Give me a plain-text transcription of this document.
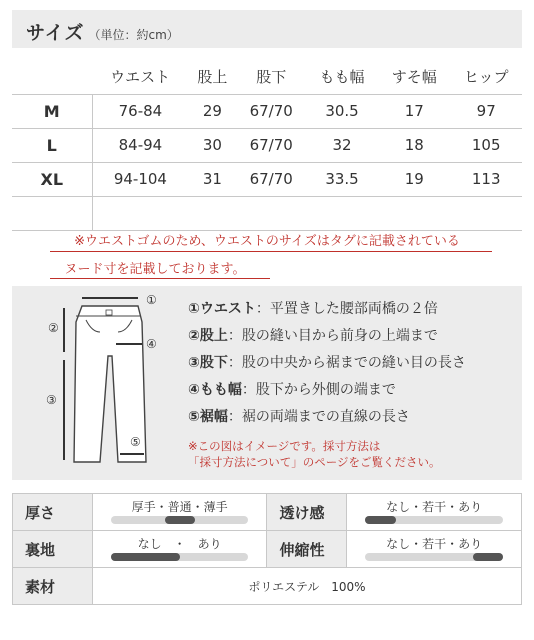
サイズ （単位：約cm）
	ウエスト	股上	股下	もも幅	すそ幅	ヒップ
M	76-84	29	67/70	30.5	17	97
L	84-94	30	67/70	32	18	105
XL	94-104	31	67/70	33.5	19	113

※ウエストゴムのため、ウエストのサイズはタグに記載されている
ヌード寸を記載しております。
①
②
③
④
⑤
①ウエスト：平置きした腰部両橋の２倍
②股上：股の縫い目から前身の上端まで
③股下：股の中央から裾までの縫い目の長さ
④もも幅：股下から外側の端まで
⑤裾幅：裾の両端までの直線の長さ
※この図はイメージです。採寸方法は
「採寸方法について」のページをご覧ください。
厚さ	厚手・普通・薄手	透け感	なし・若干・あり

裏地	なし　・　あり	伸縮性	なし・若干・あり

素材	ポリエステル　100%		
